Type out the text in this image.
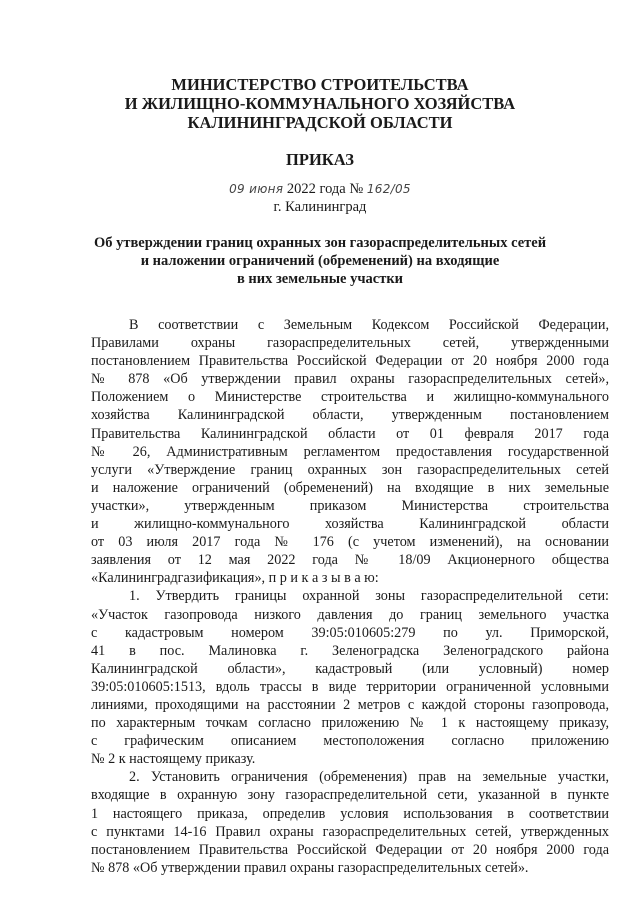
МИНИСТЕРСТВО СТРОИТЕЛЬСТВА
И ЖИЛИЩНО-КОММУНАЛЬНОГО ХОЗЯЙСТВА
КАЛИНИНГРАДСКОЙ ОБЛАСТИ
ПРИКАЗ
09 июня 2022 года № 162/05
г. Калининград
Об утверждении границ охранных зон газораспределительных сетей
и наложении ограничений (обременений) на входящие
в них земельные участки
В соответствии с Земельным Кодексом Российской Федерации,
Правилами охраны газораспределительных сетей, утвержденными
постановлением Правительства Российской Федерации от 20 ноября 2000 года
№ 878 «Об утверждении правил охраны газораспределительных сетей»,
Положением о Министерстве строительства и жилищно-коммунального
хозяйства Калининградской области, утвержденным постановлением
Правительства Калининградской области от 01 февраля 2017 года
№ 26, Административным регламентом предоставления государственной
услуги «Утверждение границ охранных зон газораспределительных сетей
и наложение ограничений (обременений) на входящие в них земельные
участки», утвержденным приказом Министерства строительства
и жилищно-коммунального хозяйства Калининградской области
от 03 июля 2017 года № 176 (с учетом изменений), на основании
заявления от 12 мая 2022 года № 18/09 Акционерного общества
«Калининградгазификация», п р и к а з ы в а ю:
1. Утвердить границы охранной зоны газораспределительной сети:
«Участок газопровода низкого давления до границ земельного участка
с кадастровым номером 39:05:010605:279 по ул. Приморской,
41 в пос. Малиновка г. Зеленоградска Зеленоградского района
Калининградской области», кадастровый (или условный) номер
39:05:010605:1513, вдоль трассы в виде территории ограниченной условными
линиями, проходящими на расстоянии 2 метров с каждой стороны газопровода,
по характерным точкам согласно приложению № 1 к настоящему приказу,
с графическим описанием местоположения согласно приложению
№ 2 к настоящему приказу.
2. Установить ограничения (обременения) прав на земельные участки,
входящие в охранную зону газораспределительной сети, указанной в пункте
1 настоящего приказа, определив условия использования в соответствии
с пунктами 14-16 Правил охраны газораспределительных сетей, утвержденных
постановлением Правительства Российской Федерации от 20 ноября 2000 года
№ 878 «Об утверждении правил охраны газораспределительных сетей».
